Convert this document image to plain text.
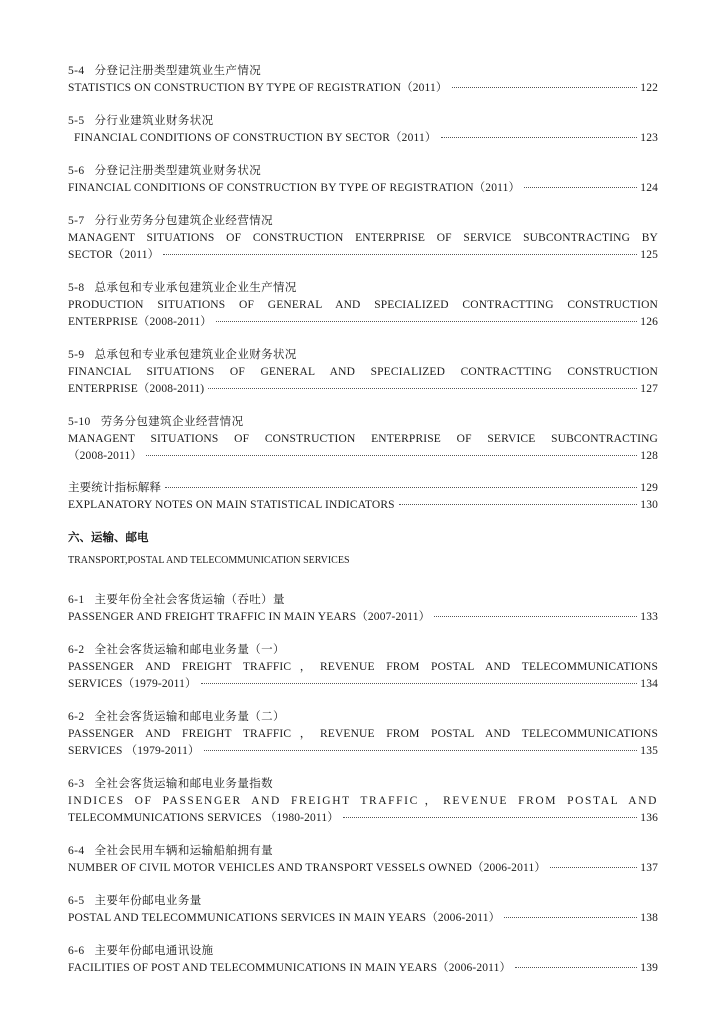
5-4 分登记注册类型建筑业生产情况
STATISTICS ON CONSTRUCTION BY TYPE OF REGISTRATION（2011）	122
5-5 分行业建筑业财务状况
FINANCIAL CONDITIONS OF CONSTRUCTION BY SECTOR（2011）	123
5-6 分登记注册类型建筑业财务状况
FINANCIAL CONDITIONS OF CONSTRUCTION BY TYPE OF REGISTRATION（2011）	124
5-7 分行业劳务分包建筑企业经营情况
MANAGENT SITUATIONS OF CONSTRUCTION ENTERPRISE OF SERVICE SUBCONTRACTING BY
SECTOR（2011）	125
5-8 总承包和专业承包建筑业企业生产情况
PRODUCTION SITUATIONS OF GENERAL AND SPECIALIZED CONTRACTTING CONSTRUCTION
ENTERPRISE（2008-2011）	126
5-9 总承包和专业承包建筑业企业财务状况
FINANCIAL SITUATIONS OF GENERAL AND SPECIALIZED CONTRACTTING CONSTRUCTION
ENTERPRISE（2008-2011)	127
5-10 劳务分包建筑企业经营情况
MANAGENT SITUATIONS OF CONSTRUCTION ENTERPRISE OF SERVICE SUBCONTRACTING
（2008-2011）	128
主要统计指标解释	129
EXPLANATORY NOTES ON MAIN STATISTICAL INDICATORS	130
六、运输、邮电
TRANSPORT,POSTAL AND TELECOMMUNICATION SERVICES
6-1 主要年份全社会客货运输（吞吐）量
PASSENGER AND FREIGHT TRAFFIC IN MAIN YEARS（2007-2011）	133
6-2 全社会客货运输和邮电业务量（一）
PASSENGER AND FREIGHT TRAFFIC，REVENUE FROM POSTAL AND TELECOMMUNICATIONS
SERVICES（1979-2011）	134
6-2 全社会客货运输和邮电业务量（二）
PASSENGER AND FREIGHT TRAFFIC，REVENUE FROM POSTAL AND TELECOMMUNICATIONS
SERVICES （1979-2011）	135
6-3 全社会客货运输和邮电业务量指数
INDICES OF PASSENGER AND FREIGHT TRAFFIC，REVENUE FROM POSTAL AND
TELECOMMUNICATIONS SERVICES （1980-2011）	136
6-4 全社会民用车辆和运输船舶拥有量
NUMBER OF CIVIL MOTOR VEHICLES AND TRANSPORT VESSELS OWNED（2006-2011）	137
6-5 主要年份邮电业务量
POSTAL AND TELECOMMUNICATIONS SERVICES IN MAIN YEARS（2006-2011）	138
6-6 主要年份邮电通讯设施
FACILITIES OF POST AND TELECOMMUNICATIONS IN MAIN YEARS（2006-2011）	139
